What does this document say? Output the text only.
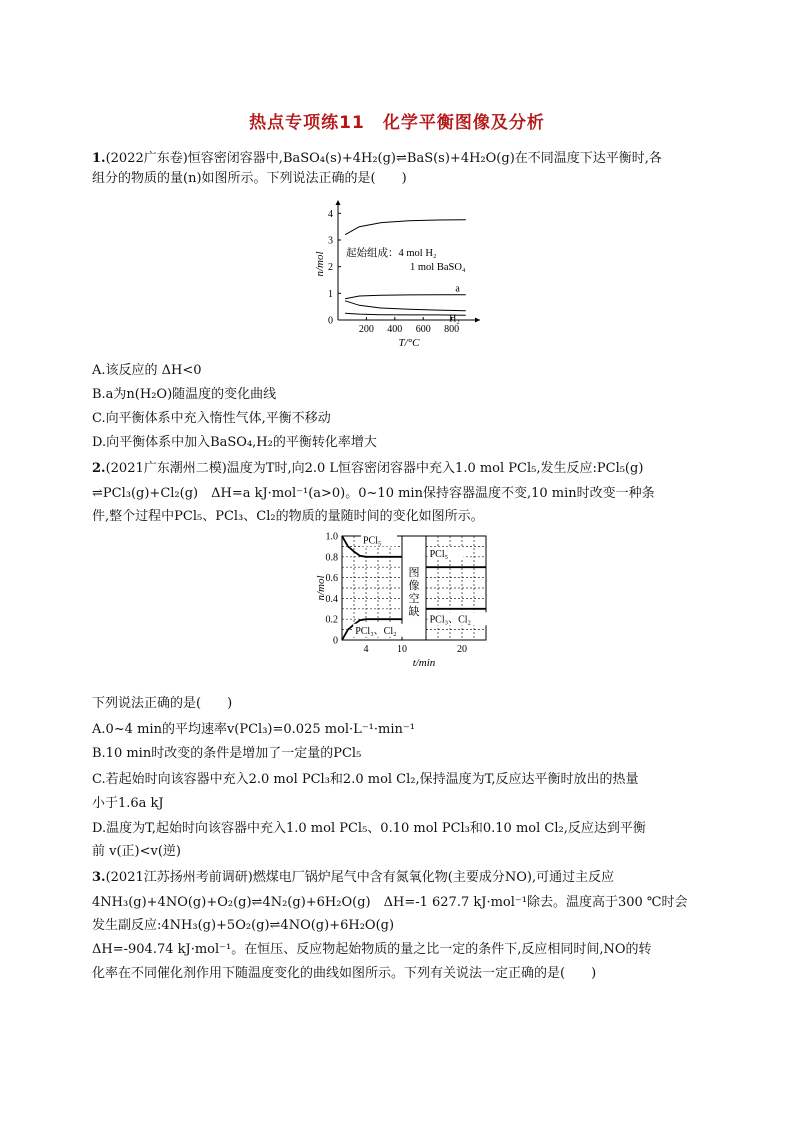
热点专项练11　化学平衡图像及分析
1.(2022广东卷)恒容密闭容器中,BaSO₄(s)+4H₂(g)⇌BaS(s)+4H₂O(g)在不同温度下达平衡时,各
组分的物质的量(n)如图所示。下列说法正确的是(　　)
200 400 600 800
0
1
2
3
4
T/°C
n/mol
a
H₂
起始组成：4 mol H₂
1 mol BaSO₄
A.该反应的 ΔH<0
B.a为n(H₂O)随温度的变化曲线
C.向平衡体系中充入惰性气体,平衡不移动
D.向平衡体系中加入BaSO₄,H₂的平衡转化率增大
2.(2021广东潮州二模)温度为T时,向2.0 L恒容密闭容器中充入1.0 mol PCl₅,发生反应:PCl₅(g)
⇌PCl₃(g)+Cl₂(g)　ΔH=a kJ·mol⁻¹(a>0)。0~10 min保持容器温度不变,10 min时改变一种条
件,整个过程中PCl₅、PCl₃、Cl₂的物质的量随时间的变化如图所示。
图
像
空
缺
4	10	20
0
0.2
0.4
0.6
0.8
1.0
t/min
n/mol
PCl₅
PCl₃、Cl₂
PCl₅
PCl₃、Cl₂
下列说法正确的是(　　)
A.0~4 min的平均速率v(PCl₃)=0.025 mol·L⁻¹·min⁻¹
B.10 min时改变的条件是增加了一定量的PCl₅
C.若起始时向该容器中充入2.0 mol PCl₃和2.0 mol Cl₂,保持温度为T,反应达平衡时放出的热量
小于1.6a kJ
D.温度为T,起始时向该容器中充入1.0 mol PCl₅、0.10 mol PCl₃和0.10 mol Cl₂,反应达到平衡
前 v(正)<v(逆)
3.(2021江苏扬州考前调研)燃煤电厂锅炉尾气中含有氮氧化物(主要成分NO),可通过主反应
4NH₃(g)+4NO(g)+O₂(g)⇌4N₂(g)+6H₂O(g)　ΔH=-1 627.7 kJ·mol⁻¹除去。温度高于300 ℃时会
发生副反应:4NH₃(g)+5O₂(g)⇌4NO(g)+6H₂O(g)
ΔH=-904.74 kJ·mol⁻¹。在恒压、反应物起始物质的量之比一定的条件下,反应相同时间,NO的转
化率在不同催化剂作用下随温度变化的曲线如图所示。下列有关说法一定正确的是(　　)
